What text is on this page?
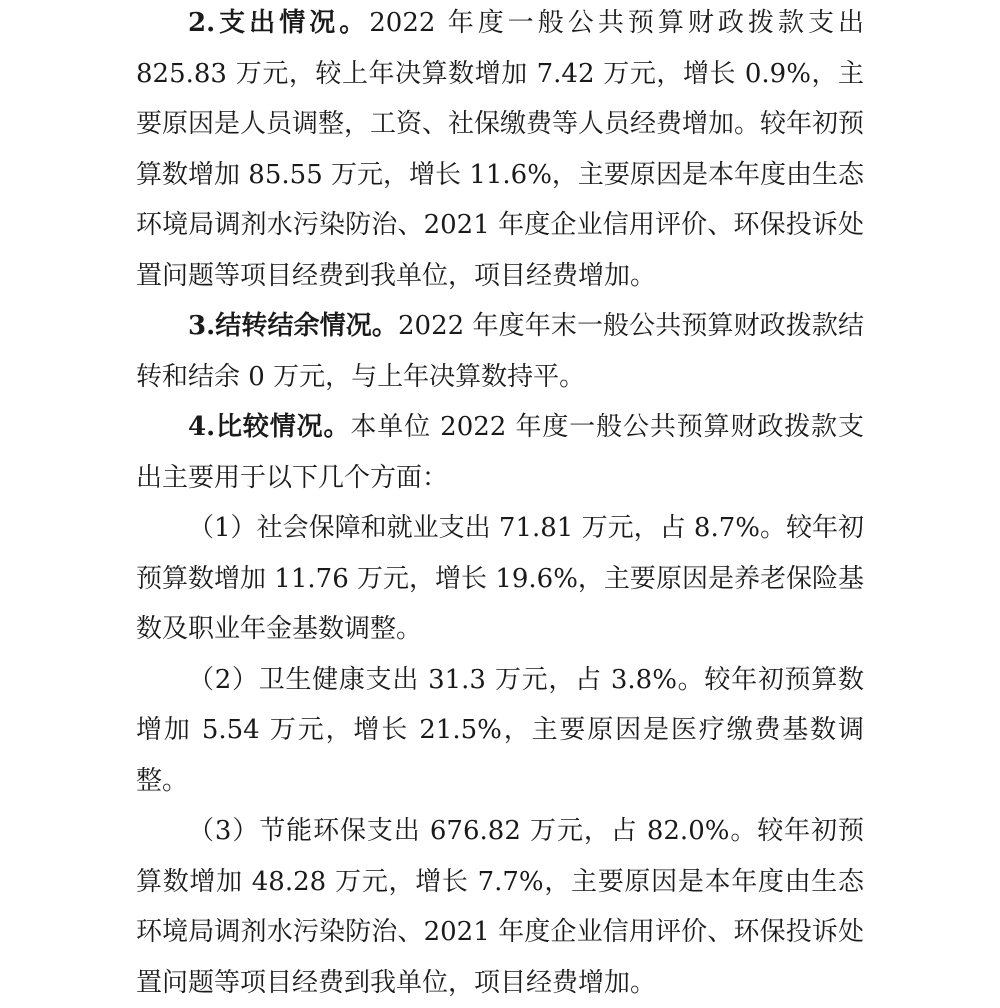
2.支出情况。2022 年度一般公共预算财政拨款支出 825.83 万元，较上年决算数增加 7.42 万元，增长 0.9%，主要原因是人员调整，工资、社保缴费等人员经费增加。较年初预算数增加 85.55 万元，增长 11.6%，主要原因是本年度由生态环境局调剂水污染防治、2021 年度企业信用评价、环保投诉处置问题等项目经费到我单位，项目经费增加。

3.结转结余情况。2022 年度年末一般公共预算财政拨款结转和结余 0 万元，与上年决算数持平。

4.比较情况。本单位 2022 年度一般公共预算财政拨款支出主要用于以下几个方面：

（1）社会保障和就业支出 71.81 万元，占 8.7%。较年初预算数增加 11.76 万元，增长 19.6%，主要原因是养老保险基数及职业年金基数调整。

（2）卫生健康支出 31.3 万元，占 3.8%。较年初预算数增加 5.54 万元，增长 21.5%，主要原因是医疗缴费基数调整。

（3）节能环保支出 676.82 万元，占 82.0%。较年初预算数增加 48.28 万元，增长 7.7%，主要原因是本年度由生态环境局调剂水污染防治、2021 年度企业信用评价、环保投诉处置问题等项目经费到我单位，项目经费增加。
